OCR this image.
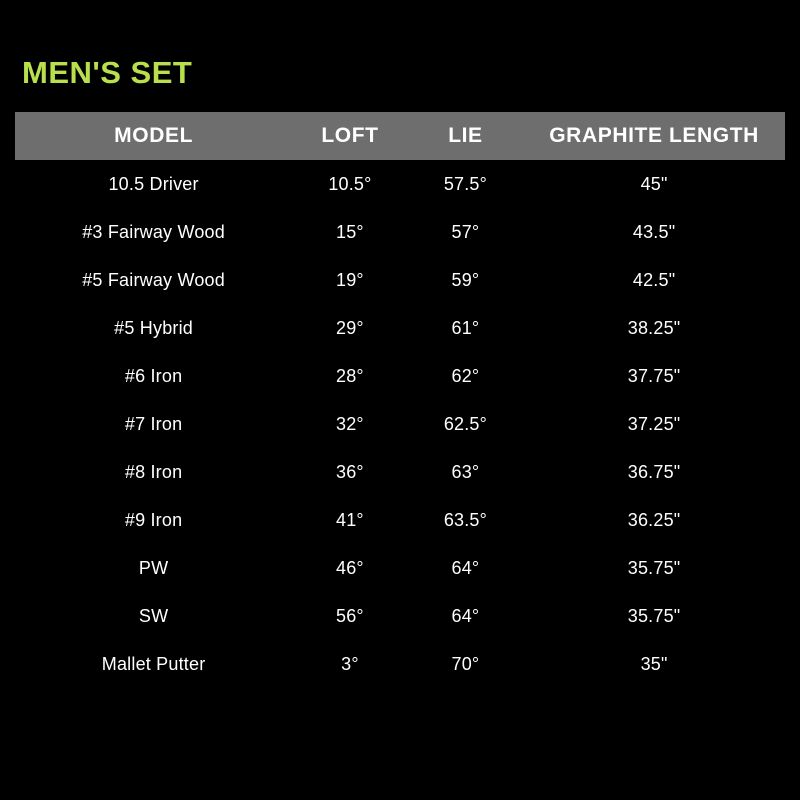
MEN'S SET
MODEL	LOFT	LIE	GRAPHITE LENGTH
10.5 Driver	10.5°	57.5°	45"
#3 Fairway Wood	15°	57°	43.5"
#5 Fairway Wood	19°	59°	42.5"
#5 Hybrid	29°	61°	38.25"
#6 Iron	28°	62°	37.75"
#7 Iron	32°	62.5°	37.25"
#8 Iron	36°	63°	36.75"
#9 Iron	41°	63.5°	36.25"
PW	46°	64°	35.75"
SW	56°	64°	35.75"
Mallet Putter	3°	70°	35"
